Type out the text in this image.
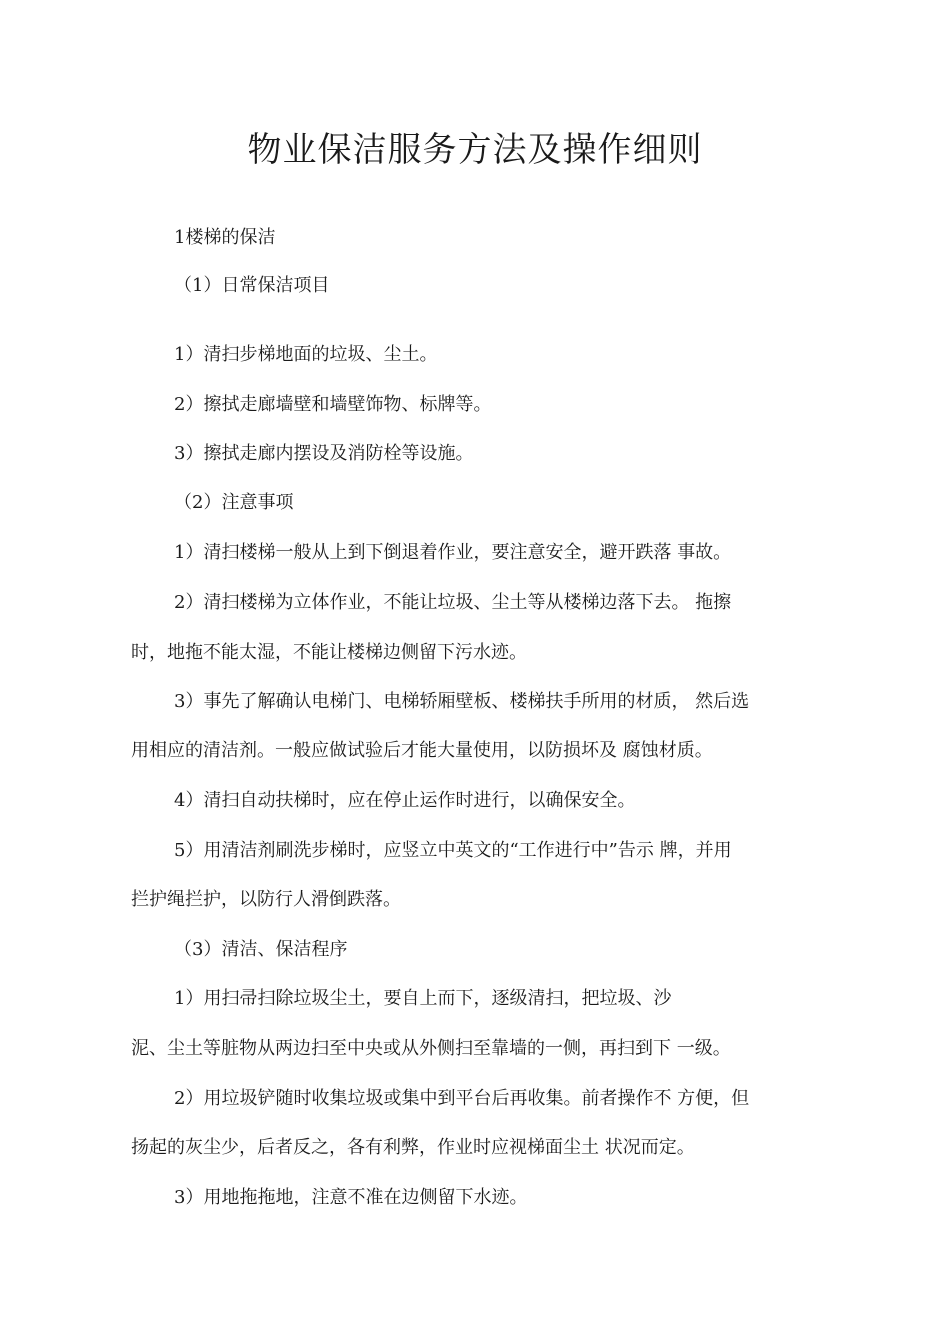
物业保洁服务方法及操作细则
1楼梯的保洁
（1）日常保洁项目
1）清扫步梯地面的垃圾、尘土。
2）擦拭走廊墙壁和墙壁饰物、标牌等。
3）擦拭走廊内摆设及消防栓等设施。
（2）注意事项
1）清扫楼梯一般从上到下倒退着作业，要注意安全，避开跌落 事故。
2）清扫楼梯为立体作业，不能让垃圾、尘土等从楼梯边落下去。 拖擦
时，地拖不能太湿，不能让楼梯边侧留下污水迹。
3）事先了解确认电梯门、电梯轿厢壁板、楼梯扶手所用的材质， 然后选
用相应的清洁剂。一般应做试验后才能大量使用，以防损坏及 腐蚀材质。
4）清扫自动扶梯时，应在停止运作时进行，以确保安全。
5）用清洁剂刷洗步梯时，应竖立中英文的“工作进行中”告示 牌，并用
拦护绳拦护，以防行人滑倒跌落。
（3）清洁、保洁程序
1）用扫帚扫除垃圾尘土，要自上而下，逐级清扫，把垃圾、沙
泥、尘土等脏物从两边扫至中央或从外侧扫至靠墙的一侧，再扫到下 一级。
2）用垃圾铲随时收集垃圾或集中到平台后再收集。前者操作不 方便，但
扬起的灰尘少，后者反之，各有利弊，作业时应视梯面尘土 状况而定。
3）用地拖拖地，注意不准在边侧留下水迹。
